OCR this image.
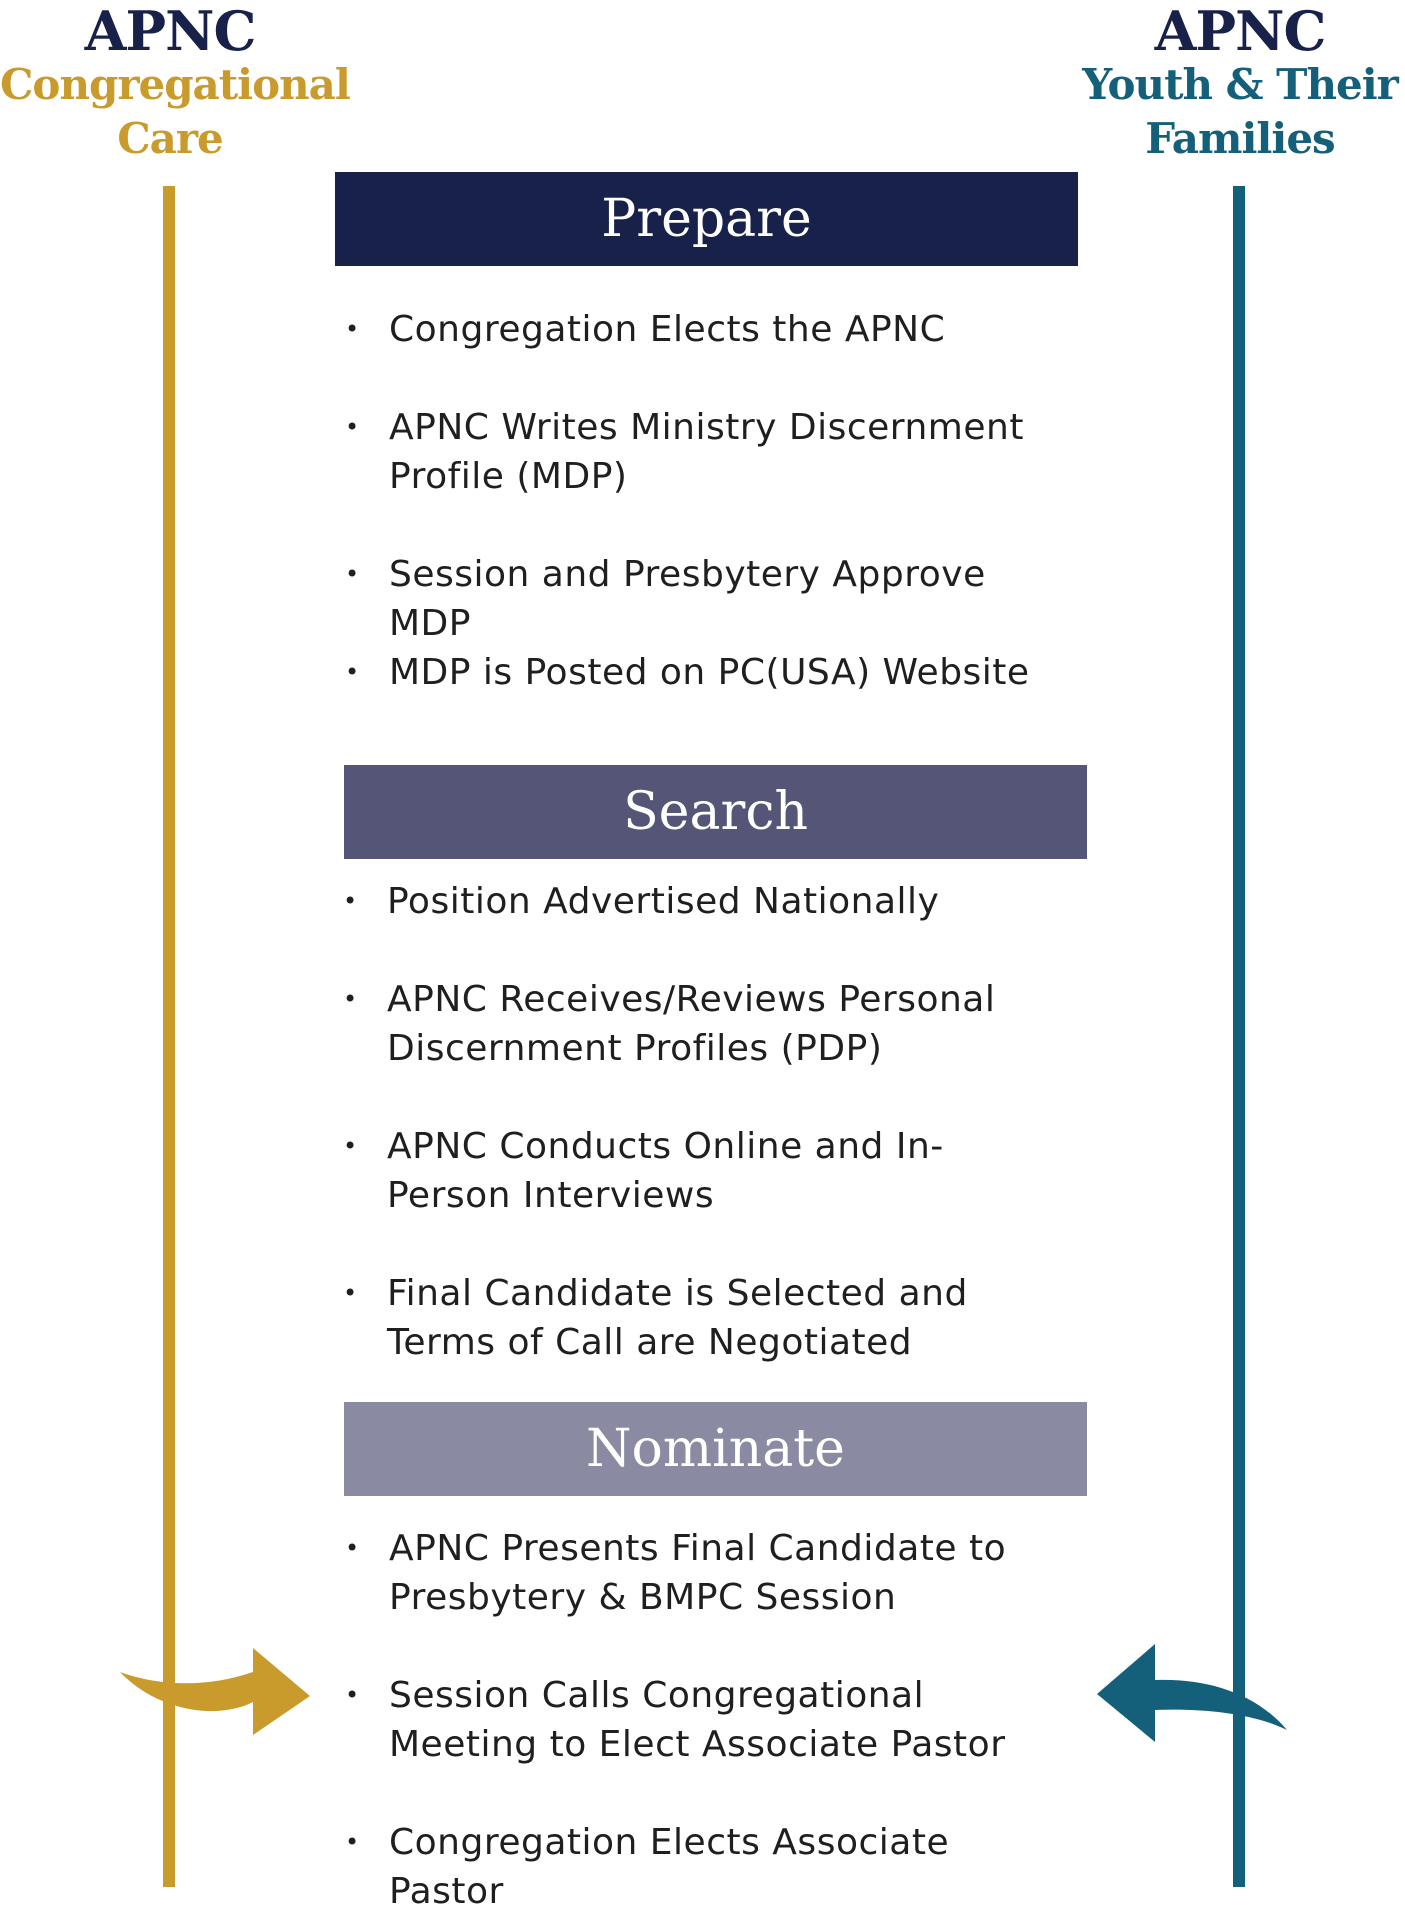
APNC
Congregational
Care
APNC
Youth & Their
Families
Prepare
Search
Nominate
• Congregation Elects the APNC
• APNC Writes Ministry Discernment Profile (MDP)
• Session and Presbytery Approve MDP
• MDP is Posted on PC(USA) Website
• Position Advertised Nationally
• APNC Receives/Reviews Personal Discernment Profiles (PDP)
• APNC Conducts Online and In-Person Interviews
• Final Candidate is Selected and Terms of Call are Negotiated
• APNC Presents Final Candidate to Presbytery & BMPC Session
• Session Calls Congregational Meeting to Elect Associate Pastor
• Congregation Elects Associate Pastor
